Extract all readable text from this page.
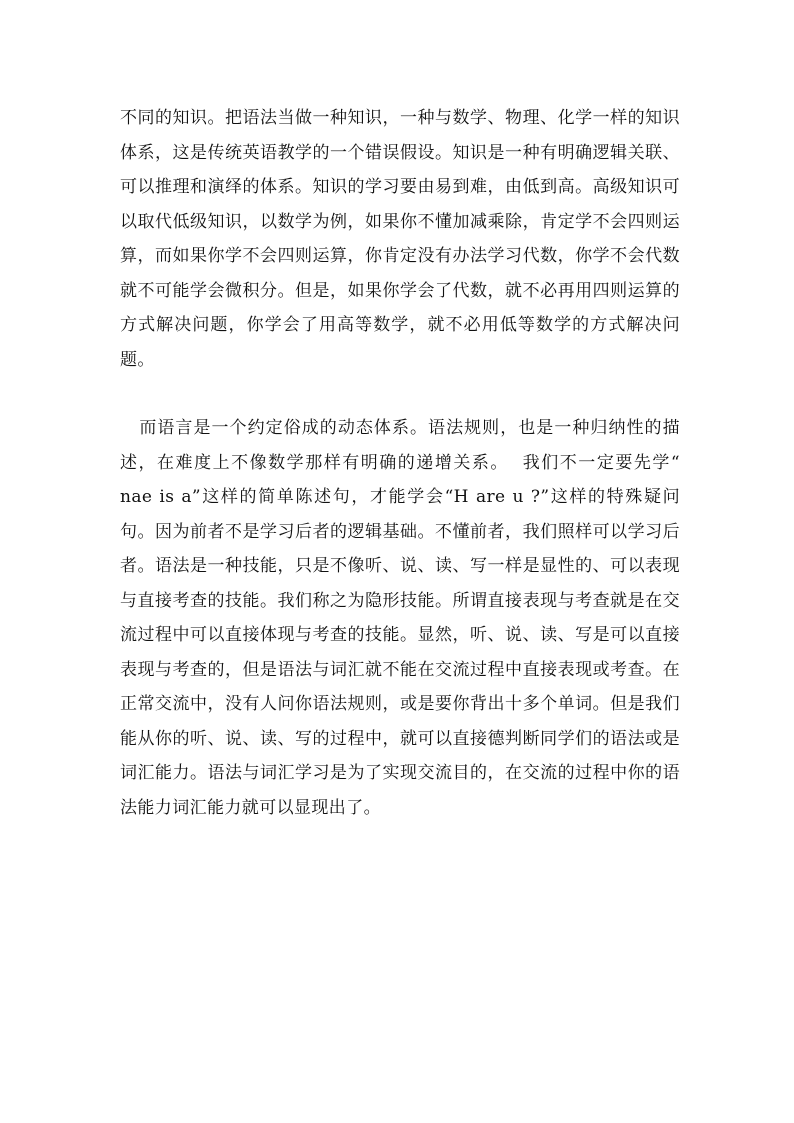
不同的知识。把语法当做一种知识，一种与数学、物理、化学一样的知识体系，这是传统英语教学的一个错误假设。知识是一种有明确逻辑关联、可以推理和演绎的体系。知识的学习要由易到难，由低到高。高级知识可以取代低级知识，以数学为例，如果你不懂加减乘除，肯定学不会四则运算，而如果你学不会四则运算，你肯定没有办法学习代数，你学不会代数就不可能学会微积分。但是，如果你学会了代数，就不必再用四则运算的方式解决问题，你学会了用高等数学，就不必用低等数学的方式解决问题。

而语言是一个约定俗成的动态体系。语法规则，也是一种归纳性的描述，在难度上不像数学那样有明确的递增关系。  我们不一定要先学“ nae is a”这样的简单陈述句，才能学会“H are u ?”这样的特殊疑问句。因为前者不是学习后者的逻辑基础。不懂前者，我们照样可以学习后者。语法是一种技能，只是不像听、说、读、写一样是显性的、可以表现与直接考查的技能。我们称之为隐形技能。所谓直接表现与考查就是在交流过程中可以直接体现与考查的技能。显然，听、说、读、写是可以直接表现与考查的，但是语法与词汇就不能在交流过程中直接表现或考查。在正常交流中，没有人问你语法规则，或是要你背出十多个单词。但是我们能从你的听、说、读、写的过程中，就可以直接德判断同学们的语法或是词汇能力。语法与词汇学习是为了实现交流目的，在交流的过程中你的语法能力词汇能力就可以显现出了。
